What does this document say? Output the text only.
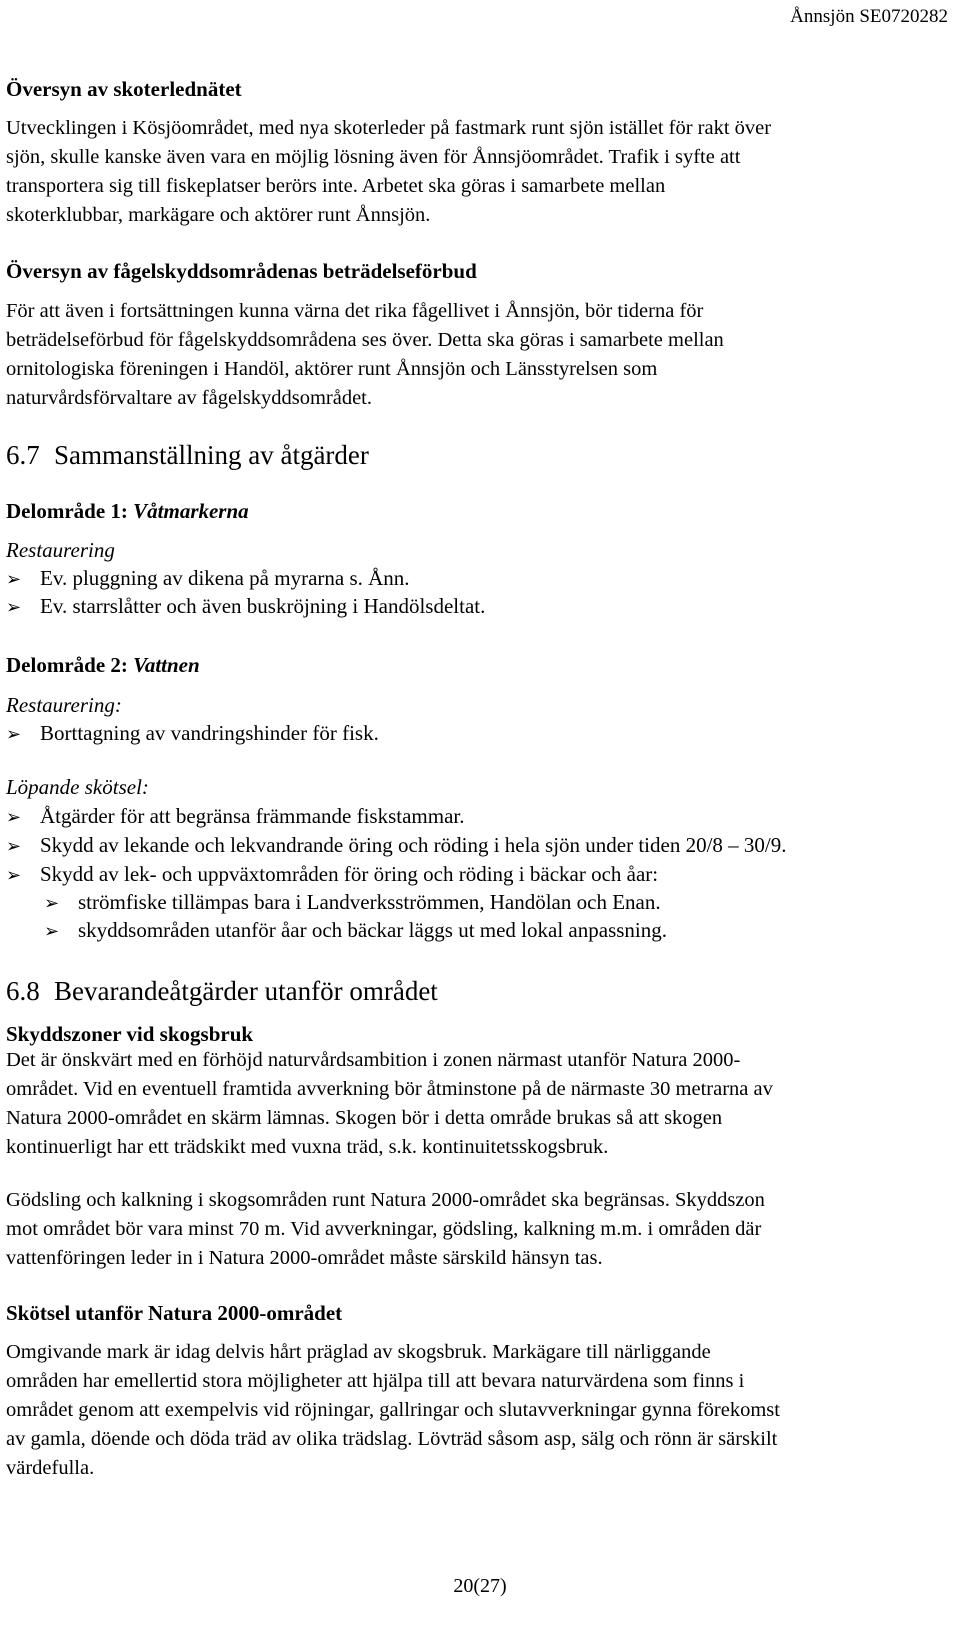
Ånnsjön SE0720282
Översyn av skoterlednätet
Utvecklingen i Kösjöområdet, med nya skoterleder på fastmark runt sjön istället för rakt över
sjön, skulle kanske även vara en möjlig lösning även för Ånnsjöområdet. Trafik i syfte att
transportera sig till fiskeplatser berörs inte. Arbetet ska göras i samarbete mellan
skoterklubbar, markägare och aktörer runt Ånnsjön.
Översyn av fågelskyddsområdenas beträdelseförbud
För att även i fortsättningen kunna värna det rika fågellivet i Ånnsjön, bör tiderna för
beträdelseförbud för fågelskyddsområdena ses över. Detta ska göras i samarbete mellan
ornitologiska föreningen i Handöl, aktörer runt Ånnsjön och Länsstyrelsen som
naturvårdsförvaltare av fågelskyddsområdet.
6.7 Sammanställning av åtgärder
Delområde 1: Våtmarkerna
Restaurering
➢ Ev. pluggning av dikena på myrarna s. Ånn.
➢ Ev. starrslåtter och även buskröjning i Handölsdeltat.
Delområde 2: Vattnen
Restaurering:
➢ Borttagning av vandringshinder för fisk.
Löpande skötsel:
➢ Åtgärder för att begränsa främmande fiskstammar.
➢ Skydd av lekande och lekvandrande öring och röding i hela sjön under tiden 20/8 – 30/9.
➢ Skydd av lek- och uppväxtområden för öring och röding i bäckar och åar:
➢ strömfiske tillämpas bara i Landverksströmmen, Handölan och Enan.
➢ skyddsområden utanför åar och bäckar läggs ut med lokal anpassning.
6.8 Bevarandeåtgärder utanför området
Skyddszoner vid skogsbruk
Det är önskvärt med en förhöjd naturvårdsambition i zonen närmast utanför Natura 2000-
området. Vid en eventuell framtida avverkning bör åtminstone på de närmaste 30 metrarna av
Natura 2000-området en skärm lämnas. Skogen bör i detta område brukas så att skogen
kontinuerligt har ett trädskikt med vuxna träd, s.k. kontinuitetsskogsbruk.
Gödsling och kalkning i skogsområden runt Natura 2000-området ska begränsas. Skyddszon
mot området bör vara minst 70 m. Vid avverkningar, gödsling, kalkning m.m. i områden där
vattenföringen leder in i Natura 2000-området måste särskild hänsyn tas.
Skötsel utanför Natura 2000-området
Omgivande mark är idag delvis hårt präglad av skogsbruk. Markägare till närliggande
områden har emellertid stora möjligheter att hjälpa till att bevara naturvärdena som finns i
området genom att exempelvis vid röjningar, gallringar och slutavverkningar gynna förekomst
av gamla, döende och döda träd av olika trädslag. Lövträd såsom asp, sälg och rönn är särskilt
värdefulla.
20(27)
